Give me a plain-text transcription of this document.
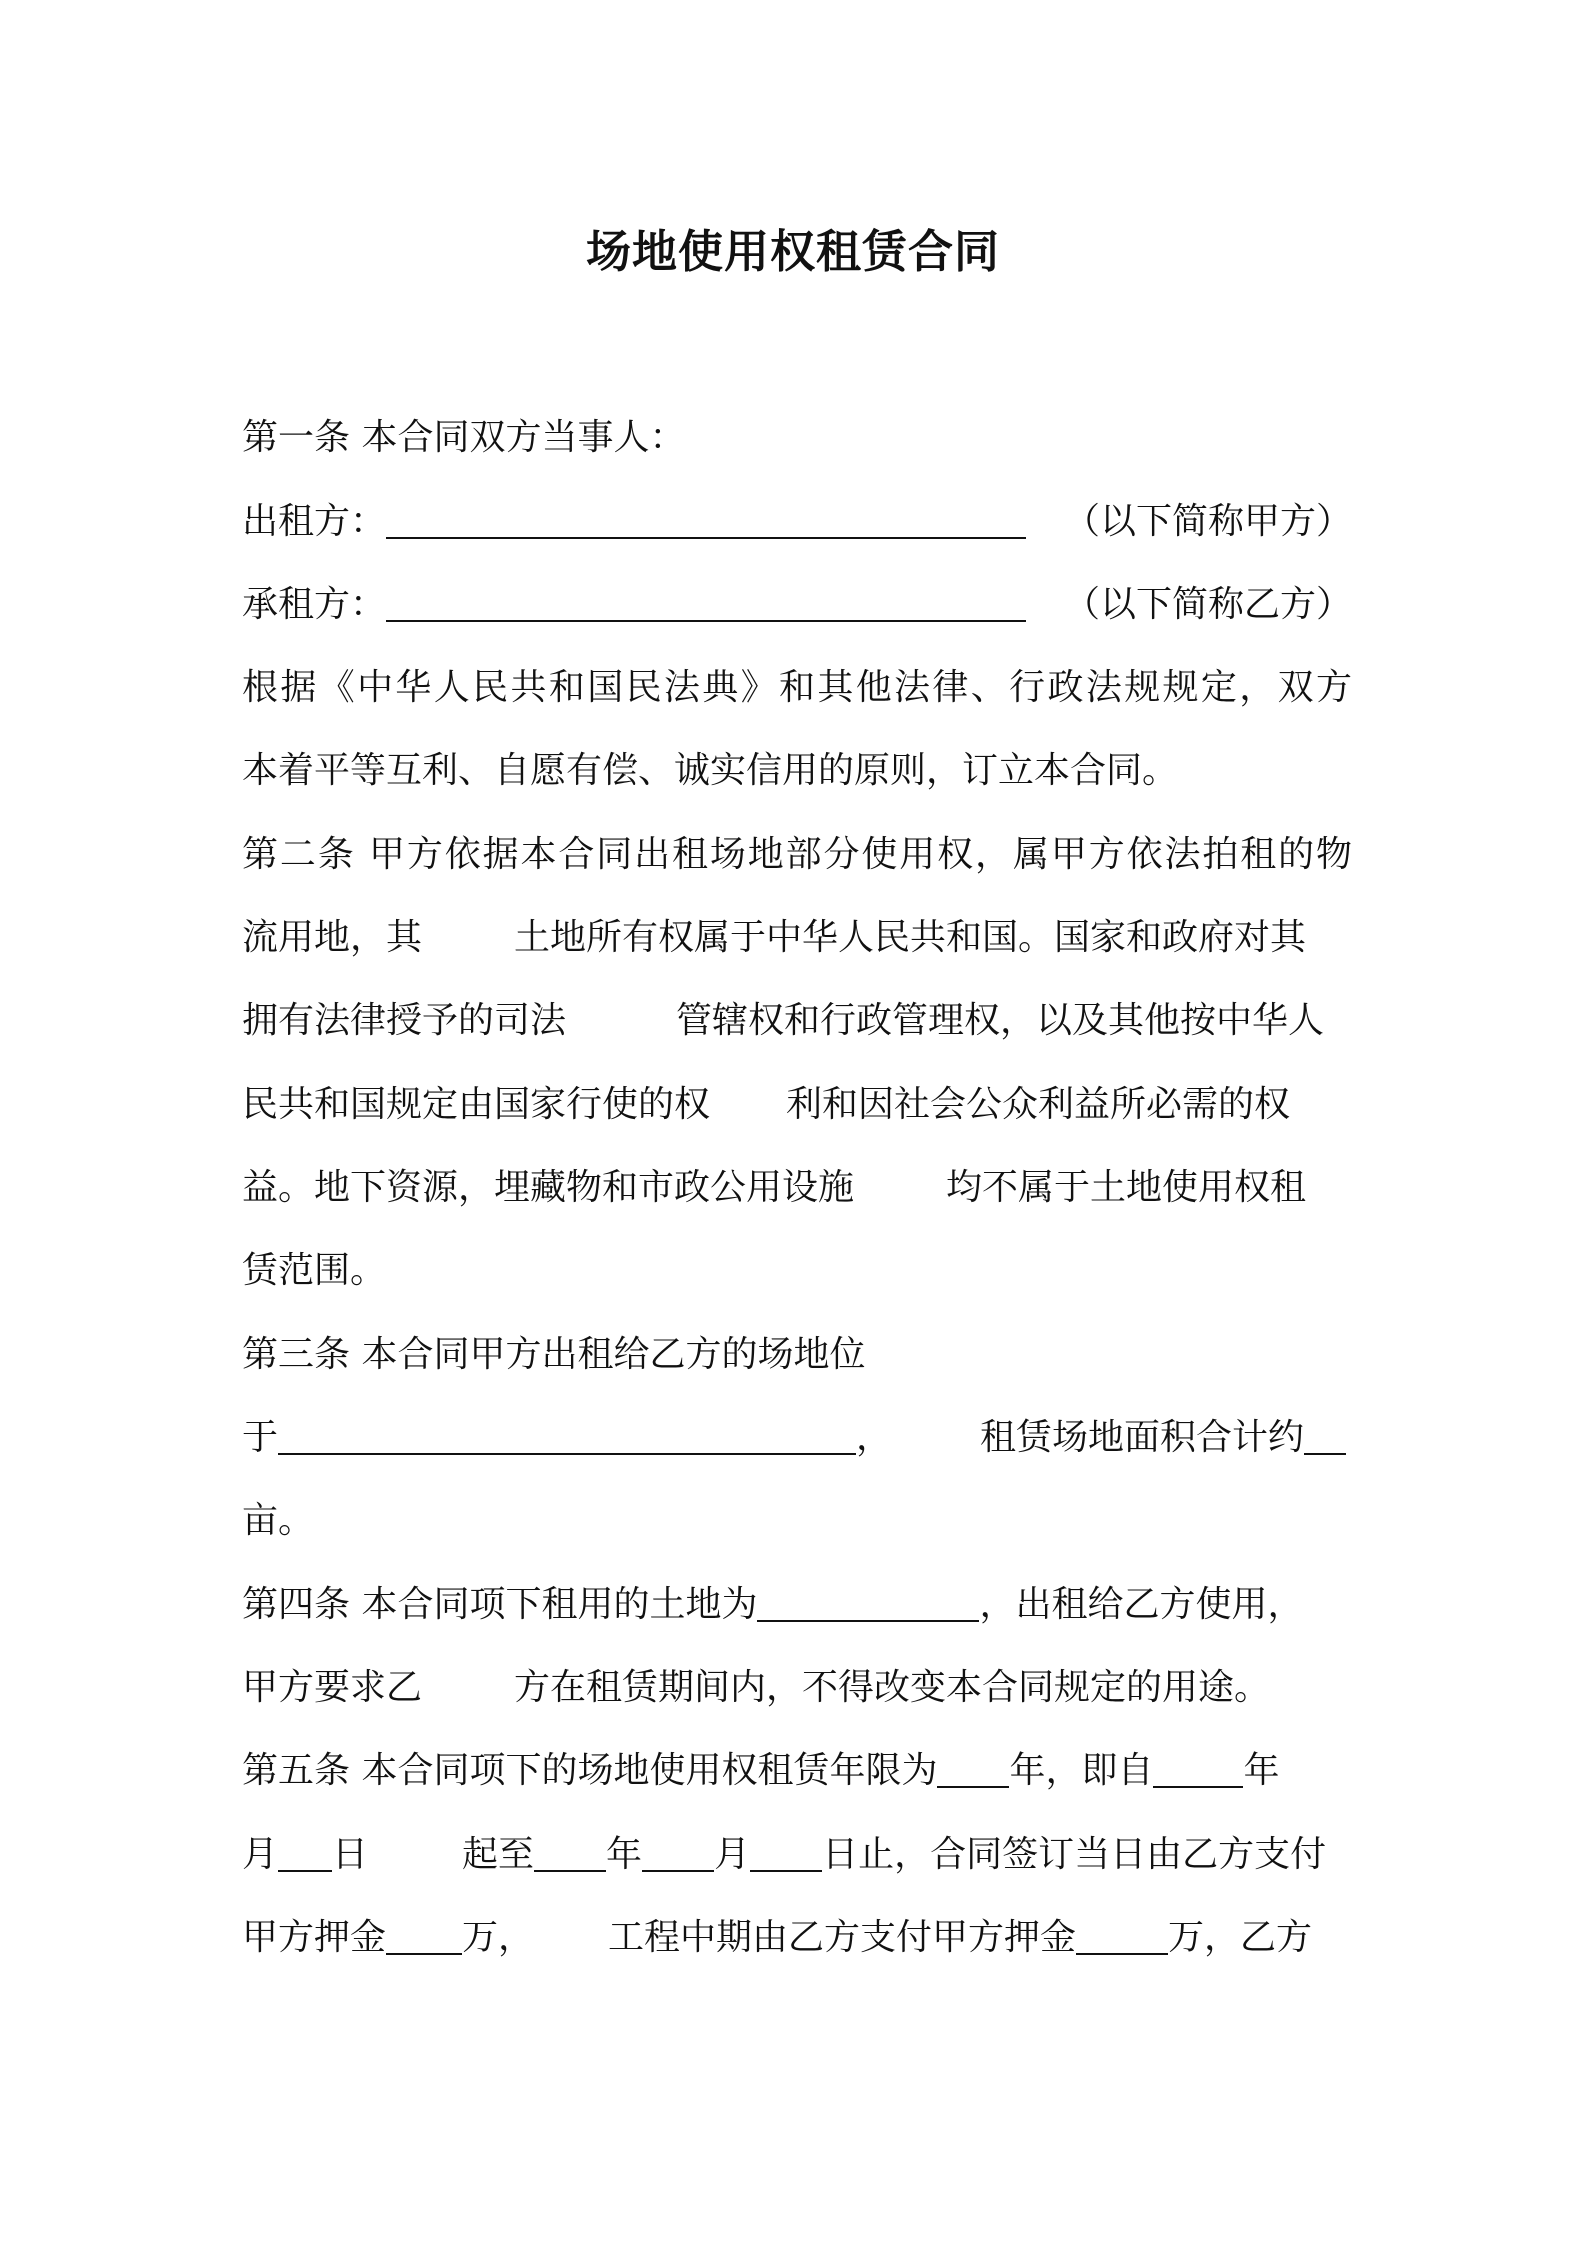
场地使用权租赁合同
第一条 本合同双方当事人：
出租方：	（以下简称甲方）
承租方：	（以下简称乙方）
根据《中华人民共和国民法典》和其他法律、行政法规规定，双方
本着平等互利、自愿有偿、诚实信用的原则，订立本合同。
第二条 甲方依据本合同出租场地部分使用权，属甲方依法拍租的物
流用地，其	土地所有权属于中华人民共和国。国家和政府对其
拥有法律授予的司法	管辖权和行政管理权，以及其他按中华人
民共和国规定由国家行使的权 利和因社会公众利益所必需的权
益。地下资源，埋藏物和市政公用设施	均不属于土地使用权租
赁范围。
第三条 本合同甲方出租给乙方的场地位
于	， 租赁场地面积合计约
亩。
第四条 本合同项下租用的土地为	，出租给乙方使用，
甲方要求乙	方在租赁期间内，不得改变本合同规定的用途。
第五条 本合同项下的场地使用权租赁年限为 年，即自	年
月 日	起至 年 月 日止，合同签订当日由乙方支付
甲方押金 万， 工程中期由乙方支付甲方押金	万，乙方
